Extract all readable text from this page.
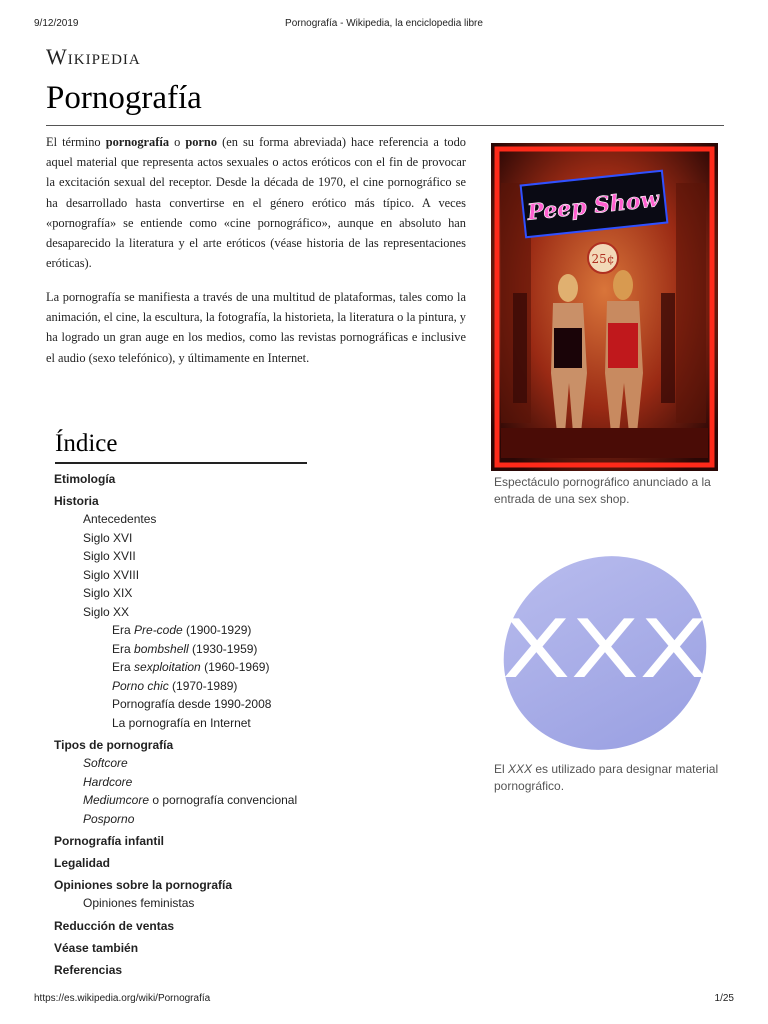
9/12/2019	Pornografía - Wikipedia, la enciclopedia libre
Wikipedia
Pornografía

El término pornografía o porno (en su forma abreviada) hace referencia a todo aquel material que representa actos sexuales o actos eróticos con el fin de provocar la excitación sexual del receptor. Desde la década de 1970, el cine pornográfico se ha desarrollado hasta convertirse en el género erótico más típico. A veces «pornografía» se entiende como «cine pornográfico», aunque en absoluto han desaparecido la literatura y el arte eróticos (véase historia de las representaciones eróticas).

La pornografía se manifiesta a través de una multitud de plataformas, tales como la animación, el cine, la escultura, la fotografía, la historieta, la literatura o la pintura, y ha logrado un gran auge en los medios, como las revistas pornográficas e inclusive el audio (sexo telefónico), y últimamente en Internet.

Peep Show
25¢
Espectáculo pornográfico anunciado a la entrada de una sex shop.
XXX
El XXX es utilizado para designar material pornográfico.
Índice
Etimología
Historia
Antecedentes
Siglo XVI
Siglo XVII
Siglo XVIII
Siglo XIX
Siglo XX
Era Pre-code (1900-1929)
Era bombshell (1930-1959)
Era sexploitation (1960-1969)
Porno chic (1970-1989)
Pornografía desde 1990-2008
La pornografía en Internet
Tipos de pornografía
Softcore
Hardcore
Mediumcore o pornografía convencional
Posporno
Pornografía infantil
Legalidad
Opiniones sobre la pornografía
Opiniones feministas
Reducción de ventas
Véase también
Referencias
https://es.wikipedia.org/wiki/Pornografía	1/25
